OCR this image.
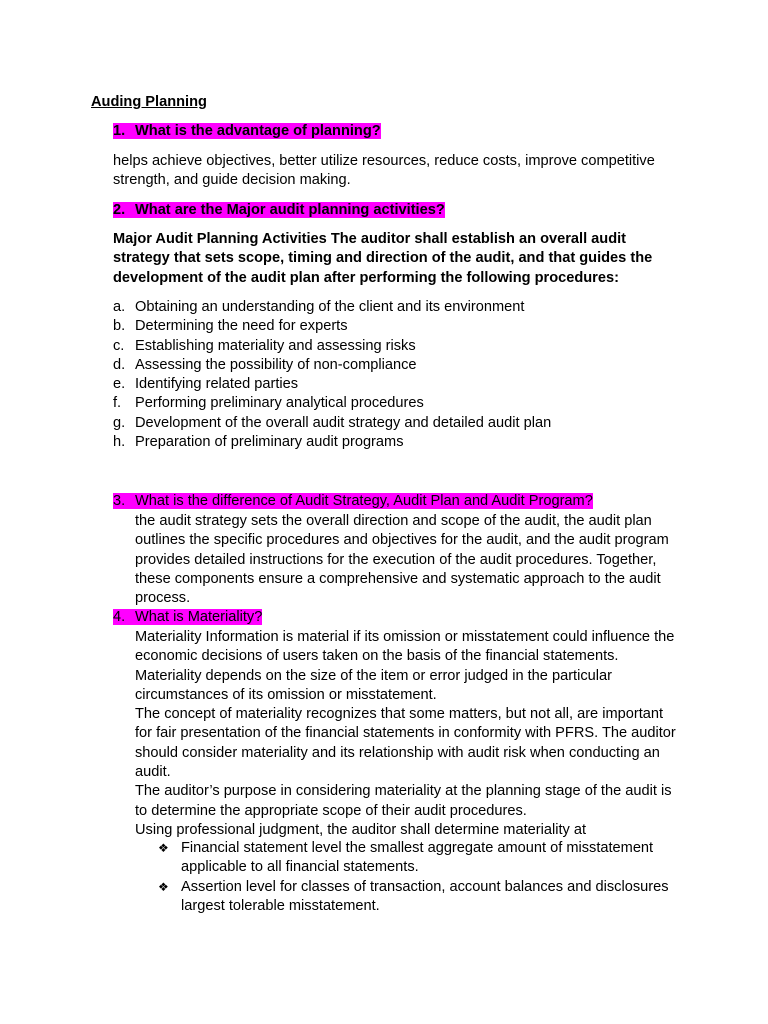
Auding Planning
1. What is the advantage of planning?
helps achieve objectives, better utilize resources, reduce costs, improve competitive strength, and guide decision making.
2. What are the Major audit planning activities?
Major Audit Planning Activities The auditor shall establish an overall audit strategy that sets scope, timing and direction of the audit, and that guides the development of the audit plan after performing the following procedures:
a. Obtaining an understanding of the client and its environment
b. Determining the need for experts
c. Establishing materiality and assessing risks
d. Assessing the possibility of non-compliance
e. Identifying related parties
f. Performing preliminary analytical procedures
g. Development of the overall audit strategy and detailed audit plan
h. Preparation of preliminary audit programs
3. What is the difference of Audit Strategy, Audit Plan and Audit Program?
the audit strategy sets the overall direction and scope of the audit, the audit plan outlines the specific procedures and objectives for the audit, and the audit program provides detailed instructions for the execution of the audit procedures. Together, these components ensure a comprehensive and systematic approach to the audit process.
4. What is Materiality?
Materiality Information is material if its omission or misstatement could influence the economic decisions of users taken on the basis of the financial statements. Materiality depends on the size of the item or error judged in the particular circumstances of its omission or misstatement.
The concept of materiality recognizes that some matters, but not all, are important for fair presentation of the financial statements in conformity with PFRS. The auditor should consider materiality and its relationship with audit risk when conducting an audit.
The auditor’s purpose in considering materiality at the planning stage of the audit is to determine the appropriate scope of their audit procedures.
Using professional judgment, the auditor shall determine materiality at
❖ Financial statement level the smallest aggregate amount of misstatement applicable to all financial statements.
❖ Assertion level for classes of transaction, account balances and disclosures largest tolerable misstatement.
